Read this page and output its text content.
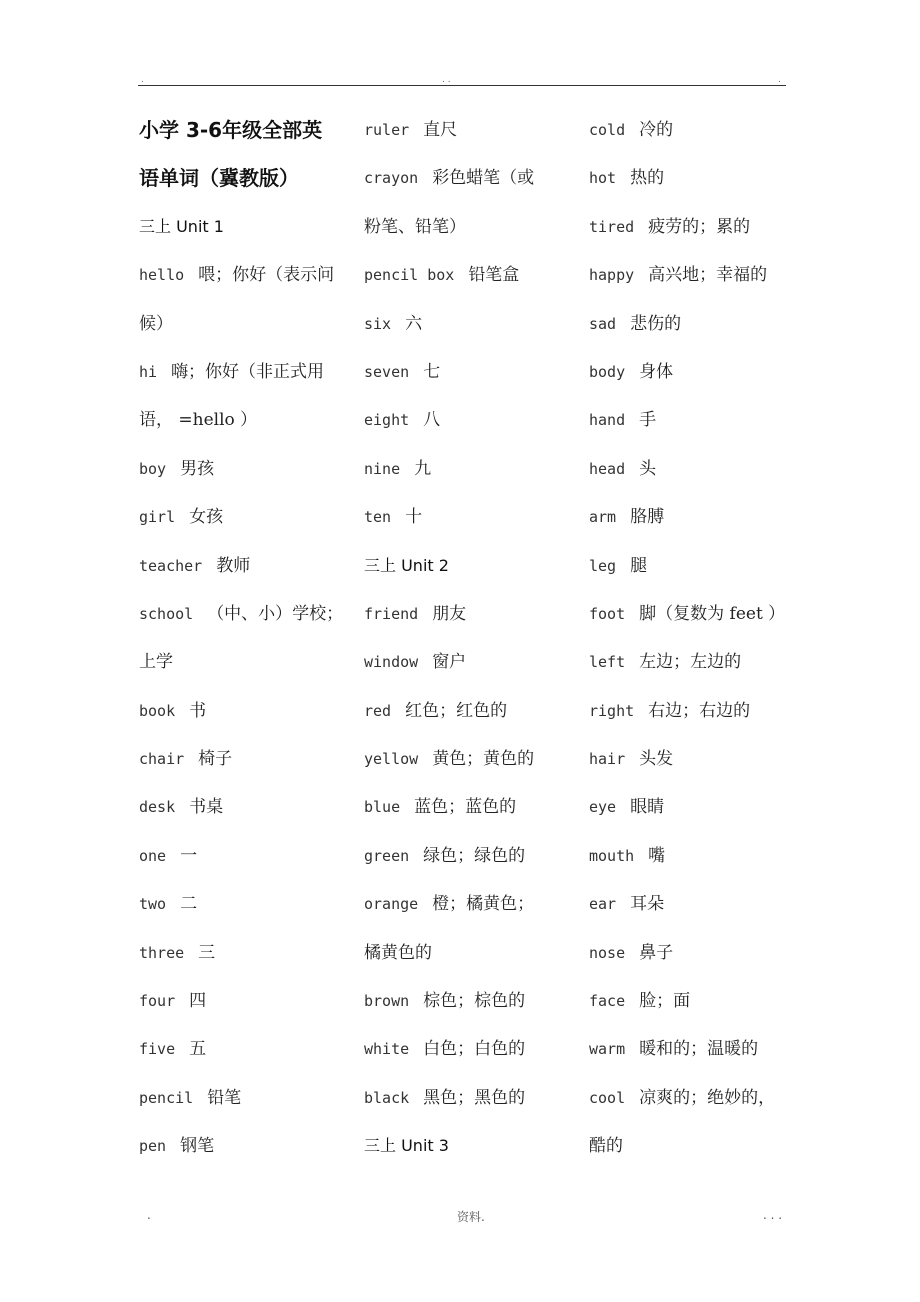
.	. .	.
小学 3-6年级全部英
语单词（冀教版）
三上 Unit 1
hello 喂；你好（表示问
候）
hi 嗨；你好（非正式用
语， =hello ）
boy 男孩
girl 女孩
teacher 教师
school （中、小）学校；
上学
book 书
chair 椅子
desk 书桌
one 一
two 二
three 三
four 四
five 五
pencil 铅笔
pen 钢笔
ruler 直尺
crayon 彩色蜡笔（或
粉笔、铅笔）
pencil box 铅笔盒
six 六
seven 七
eight 八
nine 九
ten 十
三上 Unit 2
friend 朋友
window 窗户
red 红色；红色的
yellow 黄色；黄色的
blue 蓝色；蓝色的
green 绿色；绿色的
orange 橙；橘黄色；
橘黄色的
brown 棕色；棕色的
white 白色；白色的
black 黑色；黑色的
三上 Unit 3
cold 冷的
hot 热的
tired 疲劳的；累的
happy 高兴地；幸福的
sad 悲伤的
body 身体
hand 手
head 头
arm 胳膊
leg 腿
foot 脚（复数为 feet ）
left 左边；左边的
right 右边；右边的
hair 头发
eye 眼睛
mouth 嘴
ear 耳朵
nose 鼻子
face 脸；面
warm 暖和的；温暖的
cool 凉爽的；绝妙的，
酷的
.	资料.	. . .
